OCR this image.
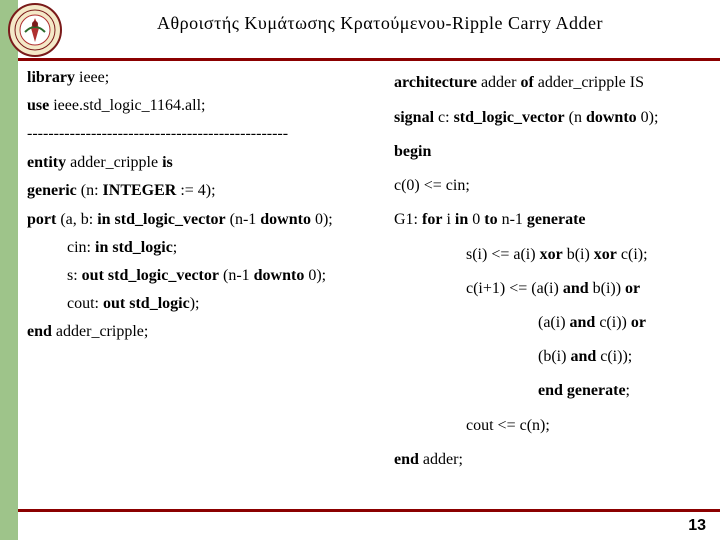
Αθροιστής Κυμάτωσης Κρατούμενου-Ripple Carry Adder
library ieee;
use ieee.std_logic_1164.all;
-------------------------------------------------
entity adder_cripple is
generic (n: INTEGER := 4);
port (a, b: in std_logic_vector (n-1 downto 0);
cin: in std_logic;
s: out std_logic_vector (n-1 downto 0);
cout: out std_logic);
end adder_cripple;
architecture adder of adder_cripple IS
signal c: std_logic_vector (n downto 0);
begin
c(0) <= cin;
G1: for i in 0 to n-1 generate
s(i) <= a(i) xor b(i) xor c(i);
c(i+1) <= (a(i) and b(i)) or
(a(i) and c(i)) or
(b(i) and c(i));
end generate;
cout <= c(n);
end adder;
13
